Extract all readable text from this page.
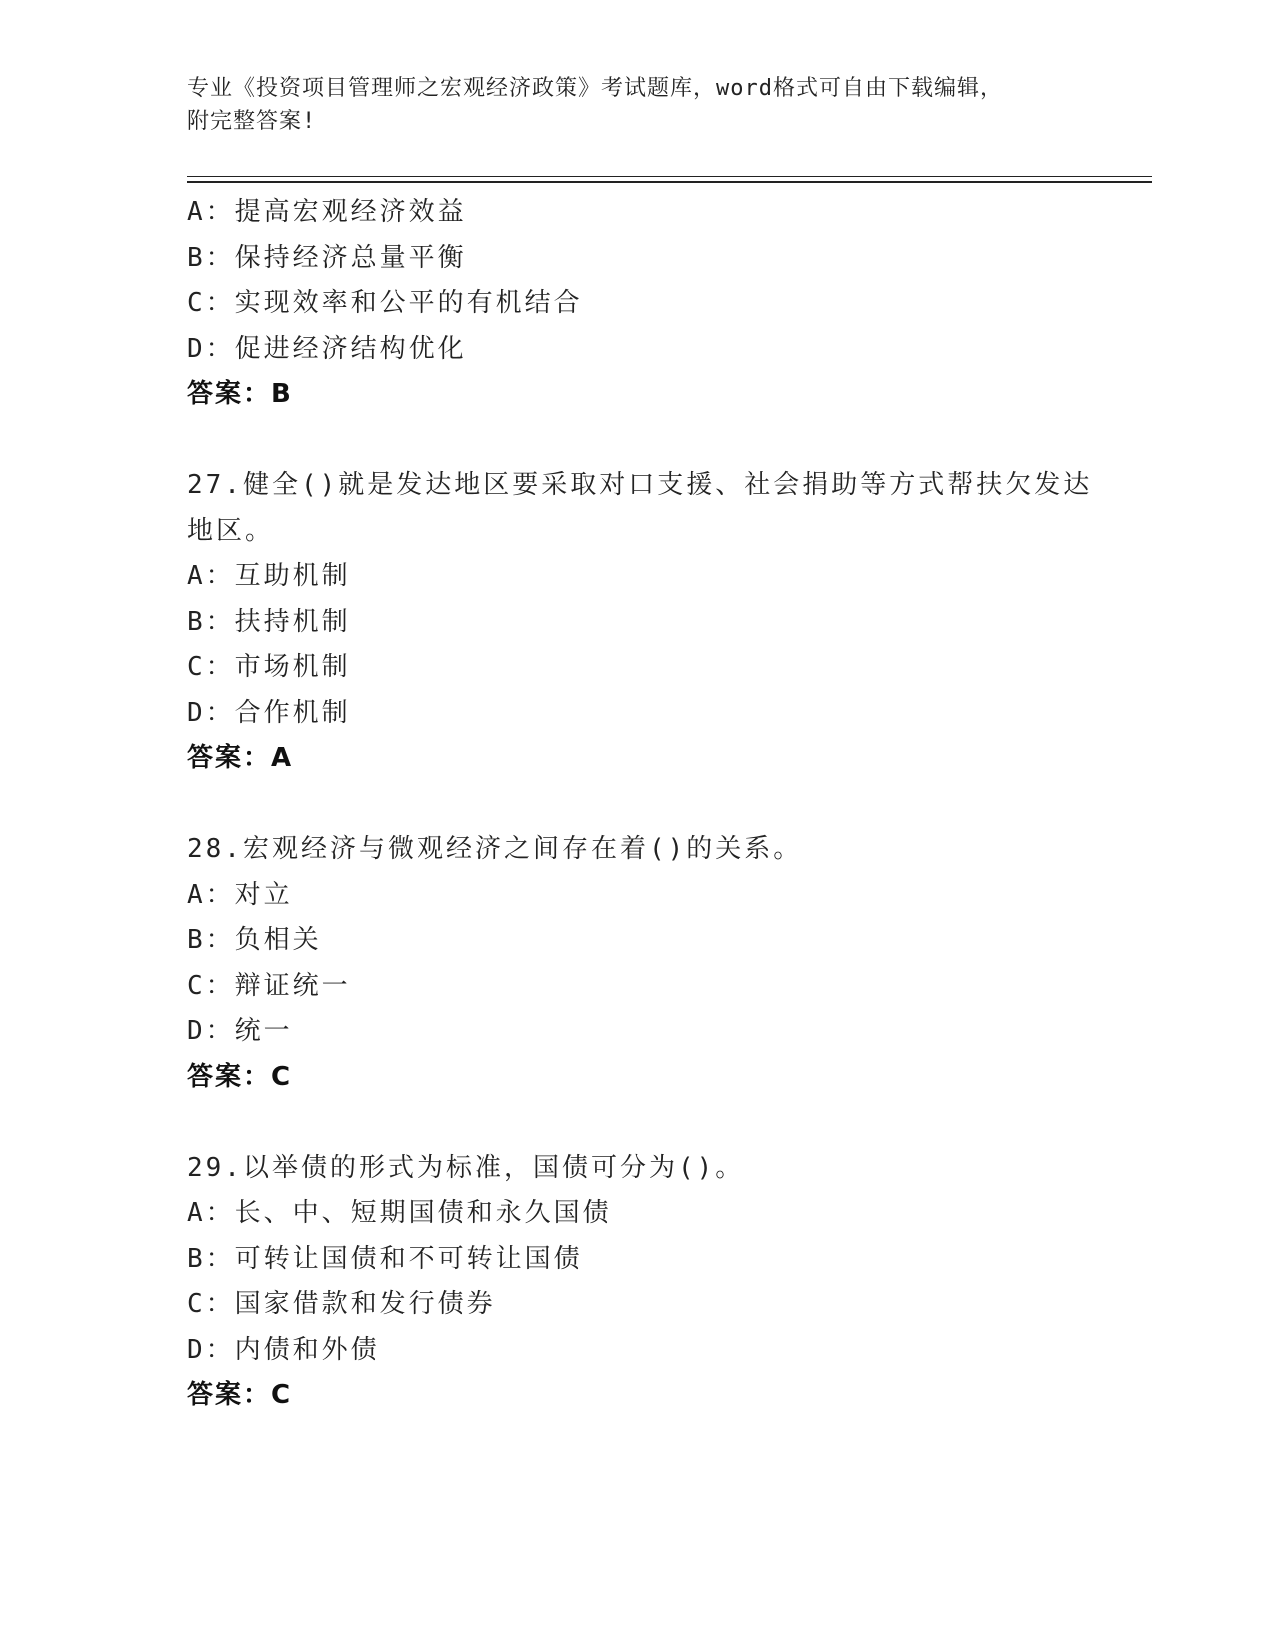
专业《投资项目管理师之宏观经济政策》考试题库，word格式可自由下载编辑，
附完整答案!
A：提高宏观经济效益
B：保持经济总量平衡
C：实现效率和公平的有机结合
D：促进经济结构优化
答案：B
27.健全()就是发达地区要采取对口支援、社会捐助等方式帮扶欠发达
地区。
A：互助机制
B：扶持机制
C：市场机制
D：合作机制
答案：A
28.宏观经济与微观经济之间存在着()的关系。
A：对立
B：负相关
C：辩证统一
D：统一
答案：C
29.以举债的形式为标准，国债可分为()。
A：长、中、短期国债和永久国债
B：可转让国债和不可转让国债
C：国家借款和发行债券
D：内债和外债
答案：C
